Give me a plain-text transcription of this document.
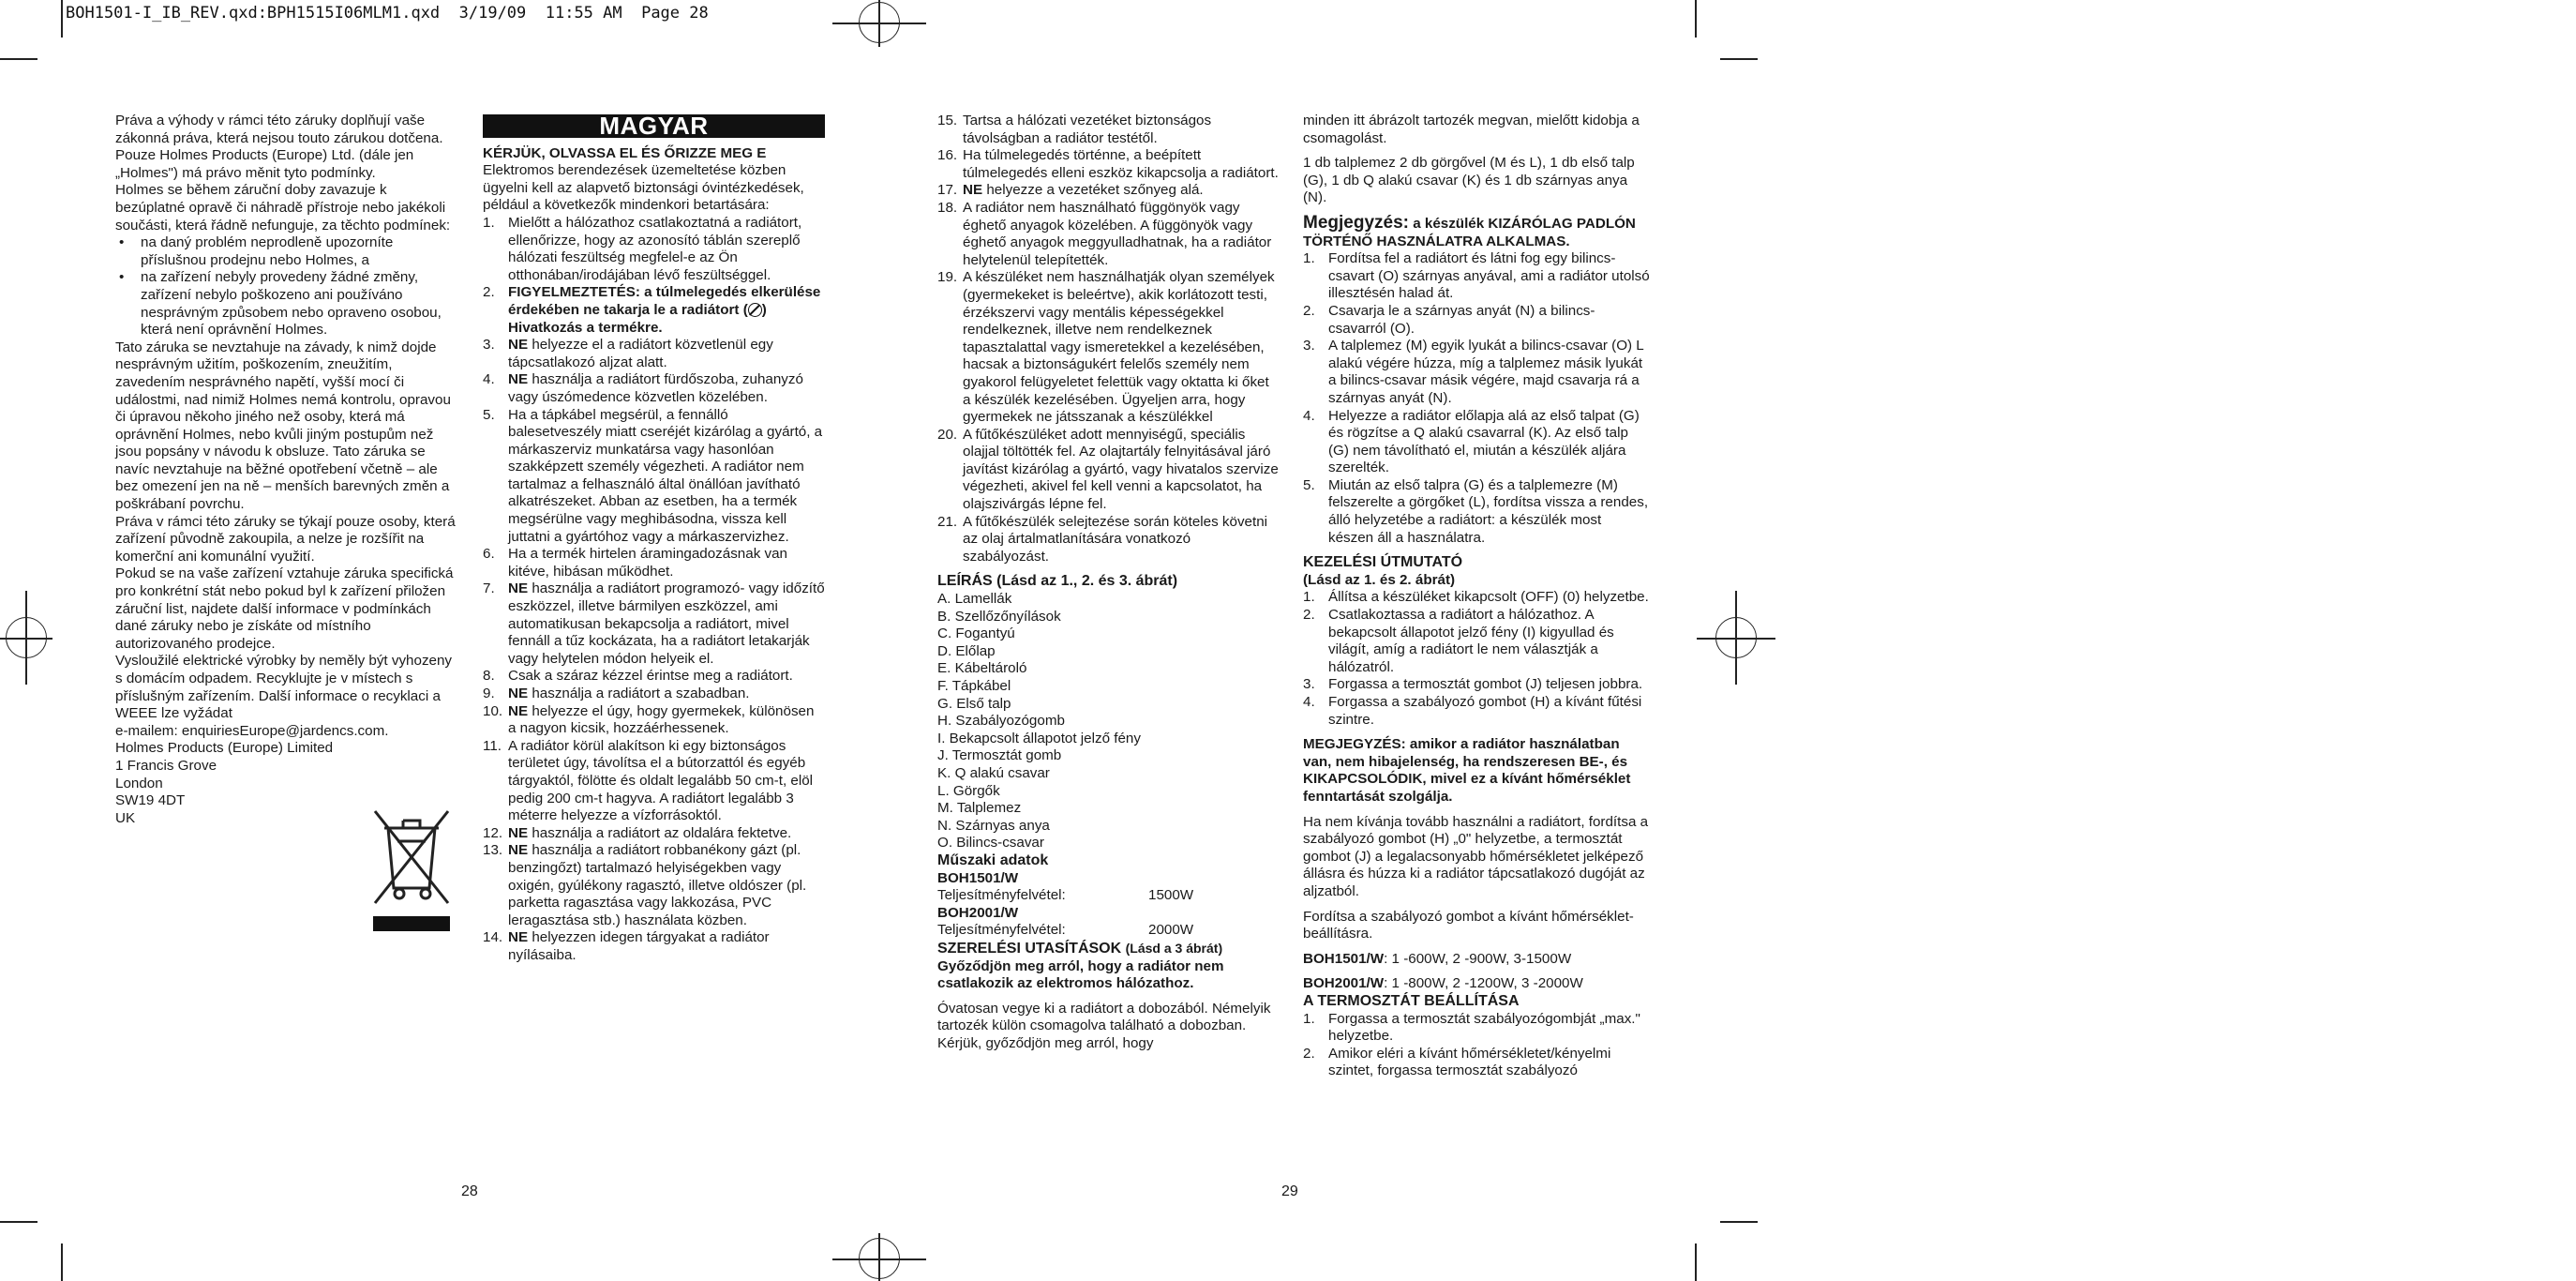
BOH1501-I_IB_REV.qxd:BPH1515I06MLM1.qxd  3/19/09  11:55 AM  Page 28

Práva a výhody v rámci této záruky doplňují vaše zákonná práva, která nejsou touto zárukou dotčena. Pouze Holmes Products (Europe) Ltd. (dále jen „Holmes") má právo měnit tyto podmínky.

Holmes se během záruční doby zavazuje k bezúplatné opravě či náhradě přístroje nebo jakékoli součásti, která řádně nefunguje, za těchto podmínek:

• na daný problém neprodleně upozorníte příslušnou prodejnu nebo Holmes, a
• na zařízení nebyly provedeny žádné změny, zařízení nebylo poškozeno ani používáno nesprávným způsobem nebo opraveno osobou, která není oprávnění Holmes.

Tato záruka se nevztahuje na závady, k nimž dojde nesprávným užitím, poškozením, zneužitím, zavedením nesprávného napětí, vyšší mocí či událostmi, nad nimiž Holmes nemá kontrolu, opravou či úpravou někoho jiného než osoby, která má oprávnění Holmes, nebo kvůli jiným postupům než jsou popsány v návodu k obsluze. Tato záruka se navíc nevztahuje na běžné opotřebení včetně – ale bez omezení jen na ně – menších barevných změn a poškrábaní povrchu.

Práva v rámci této záruky se týkají pouze osoby, která zařízení původně zakoupila, a nelze je rozšířit na komerční ani komunální využití.

Pokud se na vaše zařízení vztahuje záruka specifická pro konkrétní stát nebo pokud byl k zařízení přiložen záruční list, najdete další informace v podmínkách dané záruky nebo je získáte od místního autorizovaného prodejce.

Vysloužilé elektrické výrobky by neměly být vyhozeny s domácím odpadem. Recyklujte je v místech s příslušným zařízením. Další informace o recyklaci a WEEE lze vyžádat

e-mailem: enquiriesEurope@jardencs.com.

Holmes Products (Europe) Limited

1 Francis Grove

London

SW19 4DT

UK

MAGYAR

KÉRJÜK, OLVASSA EL ÉS ŐRIZZE MEG E

Elektromos berendezések üzemeltetése közben ügyelni kell az alapvető biztonsági óvintézkedések, például a következők mindenkori betartására:

1. Mielőtt a hálózathoz csatlakoztatná a radiátort, ellenőrizze, hogy az azonosító táblán szereplő hálózati feszültség megfelel-e az Ön otthonában/irodájában lévő feszültséggel.
2. FIGYELMEZTETÉS: a túlmelegedés elkerülése érdekében ne takarja le a radiátort ( ) Hivatkozás a termékre.
3. NE helyezze el a radiátort közvetlenül egy tápcsatlakozó aljzat alatt.
4. NE használja a radiátort fürdőszoba, zuhanyzó vagy úszómedence közvetlen közelében.
5. Ha a tápkábel megsérül, a fennálló balesetveszély miatt cseréjét kizárólag a gyártó, a márkaszerviz munkatársa vagy hasonlóan szakképzett személy végezheti. A radiátor nem tartalmaz a felhasználó által önállóan javítható alkatrészeket. Abban az esetben, ha a termék megsérülne vagy meghibásodna, vissza kell juttatni a gyártóhoz vagy a márkaszervizhez.
6. Ha a termék hirtelen áramingadozásnak van kitéve, hibásan működhet.
7. NE használja a radiátort programozó- vagy időzítő eszközzel, illetve bármilyen eszközzel, ami automatikusan bekapcsolja a radiátort, mivel fennáll a tűz kockázata, ha a radiátort letakarják vagy helytelen módon helyeik el.
8. Csak a száraz kézzel érintse meg a radiátort.
9. NE használja a radiátort a szabadban.
10. NE helyezze el úgy, hogy gyermekek, különösen a nagyon kicsik, hozzáérhessenek.
11. A radiátor körül alakítson ki egy biztonságos területet úgy, távolítsa el a bútorzattól és egyéb tárgyaktól, fölötte és oldalt legalább 50 cm-t, elöl pedig 200 cm-t hagyva. A radiátort legalább 3 méterre helyezze a vízforrásoktól.
12. NE használja a radiátort az oldalára fektetve.
13. NE használja a radiátort robbanékony gázt (pl. benzingőzt) tartalmazó helyiségekben vagy oxigén, gyúlékony ragasztó, illetve oldószer (pl. parketta ragasztása vagy lakkozása, PVC leragasztása stb.) használata közben.
14. NE helyezzen idegen tárgyakat a radiátor nyílásaiba.
28
15. Tartsa a hálózati vezetéket biztonságos távolságban a radiátor testétől.
16. Ha túlmelegedés történne, a beépített túlmelegedés elleni eszköz kikapcsolja a radiátort.
17. NE helyezze a vezetéket szőnyeg alá.
18. A radiátor nem használható függönyök vagy éghető anyagok közelében. A függönyök vagy éghető anyagok meggyulladhatnak, ha a radiátor helytelenül telepítették.
19. A készüléket nem használhatják olyan személyek (gyermekeket is beleértve), akik korlátozott testi, érzékszervi vagy mentális képességekkel rendelkeznek, illetve nem rendelkeznek tapasztalattal vagy ismeretekkel a kezelésében, hacsak a biztonságukért felelős személy nem gyakorol felügyeletet felettük vagy oktatta ki őket a készülék kezelésében. Ügyeljen arra, hogy gyermekek ne játsszanak a készülékkel
20. A fűtőkészüléket adott mennyiségű, speciális olajjal töltötték fel. Az olajtartály felnyitásával járó javítást kizárólag a gyártó, vagy hivatalos szervize végezheti, akivel fel kell venni a kapcsolatot, ha olajszivárgás lépne fel.
21. A fűtőkészülék selejtezése során köteles követni az olaj ártalmatlanítására vonatkozó szabályozást.

LEÍRÁS (Lásd az 1., 2. és 3. ábrát)

A. Lamellák

B. Szellőzőnyílások

C. Fogantyú

D. Előlap

E. Kábeltároló

F. Tápkábel

G. Első talp

H. Szabályozógomb

I. Bekapcsolt állapotot jelző fény

J. Termosztát gomb

K. Q alakú csavar

L. Görgők

M. Talplemez

N. Szárnyas anya

O. Bilincs-csavar

Műszaki adatok

BOH1501/W

Teljesítményfelvétel:	1500W

BOH2001/W

Teljesítményfelvétel:	2000W

SZERELÉSI UTASÍTÁSOK (Lásd a 3 ábrát)

Győződjön meg arról, hogy a radiátor nem csatlakozik az elektromos hálózathoz.

Óvatosan vegye ki a radiátort a dobozából. Némelyik tartozék külön csomagolva található a dobozban. Kérjük, győződjön meg arról, hogy

minden itt ábrázolt tartozék megvan, mielőtt kidobja a csomagolást.

1 db talplemez 2 db görgővel (M és L), 1 db első talp (G), 1 db Q alakú csavar (K) és 1 db szárnyas anya (N).

Megjegyzés: a készülék KIZÁRÓLAG PADLÓN TÖRTÉNŐ HASZNÁLATRA ALKALMAS.

1. Fordítsa fel a radiátort és látni fog egy bilincs-csavart (O) szárnyas anyával, ami a radiátor utolsó illesztésén halad át.
2. Csavarja le a szárnyas anyát (N) a bilincs-csavarról (O).
3. A talplemez (M) egyik lyukát a bilincs-csavar (O) L alakú végére húzza, míg a talplemez másik lyukát a bilincs-csavar másik végére, majd csavarja rá a szárnyas anyát (N).
4. Helyezze a radiátor előlapja alá az első talpat (G) és rögzítse a Q alakú csavarral (K). Az első talp (G) nem távolítható el, miután a készülék aljára szerelték.
5. Miután az első talpra (G) és a talplemezre (M) felszerelte a görgőket (L), fordítsa vissza a rendes, álló helyzetébe a radiátort: a készülék most készen áll a használatra.

KEZELÉSI ÚTMUTATÓ

(Lásd az 1. és 2. ábrát)

1. Állítsa a készüléket kikapcsolt (OFF) (0) helyzetbe.
2. Csatlakoztassa a radiátort a hálózathoz. A bekapcsolt állapotot jelző fény (I) kigyullad és világít, amíg a radiátort le nem választják a hálózatról.
3. Forgassa a termosztát gombot (J) teljesen jobbra.
4. Forgassa a szabályozó gombot (H) a kívánt fűtési szintre.

MEGJEGYZÉS: amikor a radiátor használatban van, nem hibajelenség, ha rendszeresen BE-, és KIKAPCSOLÓDIK, mivel ez a kívánt hőmérséklet fenntartását szolgálja.

Ha nem kívánja tovább használni a radiátort, fordítsa a szabályozó gombot (H) „0" helyzetbe, a termosztát gombot (J) a legalacsonyabb hőmérsékletet jelképező állásra és húzza ki a radiátor tápcsatlakozó dugóját az aljzatból.

Fordítsa a szabályozó gombot a kívánt hőmérséklet-beállításra.

BOH1501/W: 1 -600W, 2 -900W, 3-1500W

BOH2001/W: 1 -800W, 2 -1200W, 3 -2000W

A TERMOSZTÁT BEÁLLÍTÁSA

1. Forgassa a termosztát szabályozógombját „max." helyzetbe.
2. Amikor eléri a kívánt hőmérsékletet/kényelmi szintet, forgassa termosztát szabályozó
29
